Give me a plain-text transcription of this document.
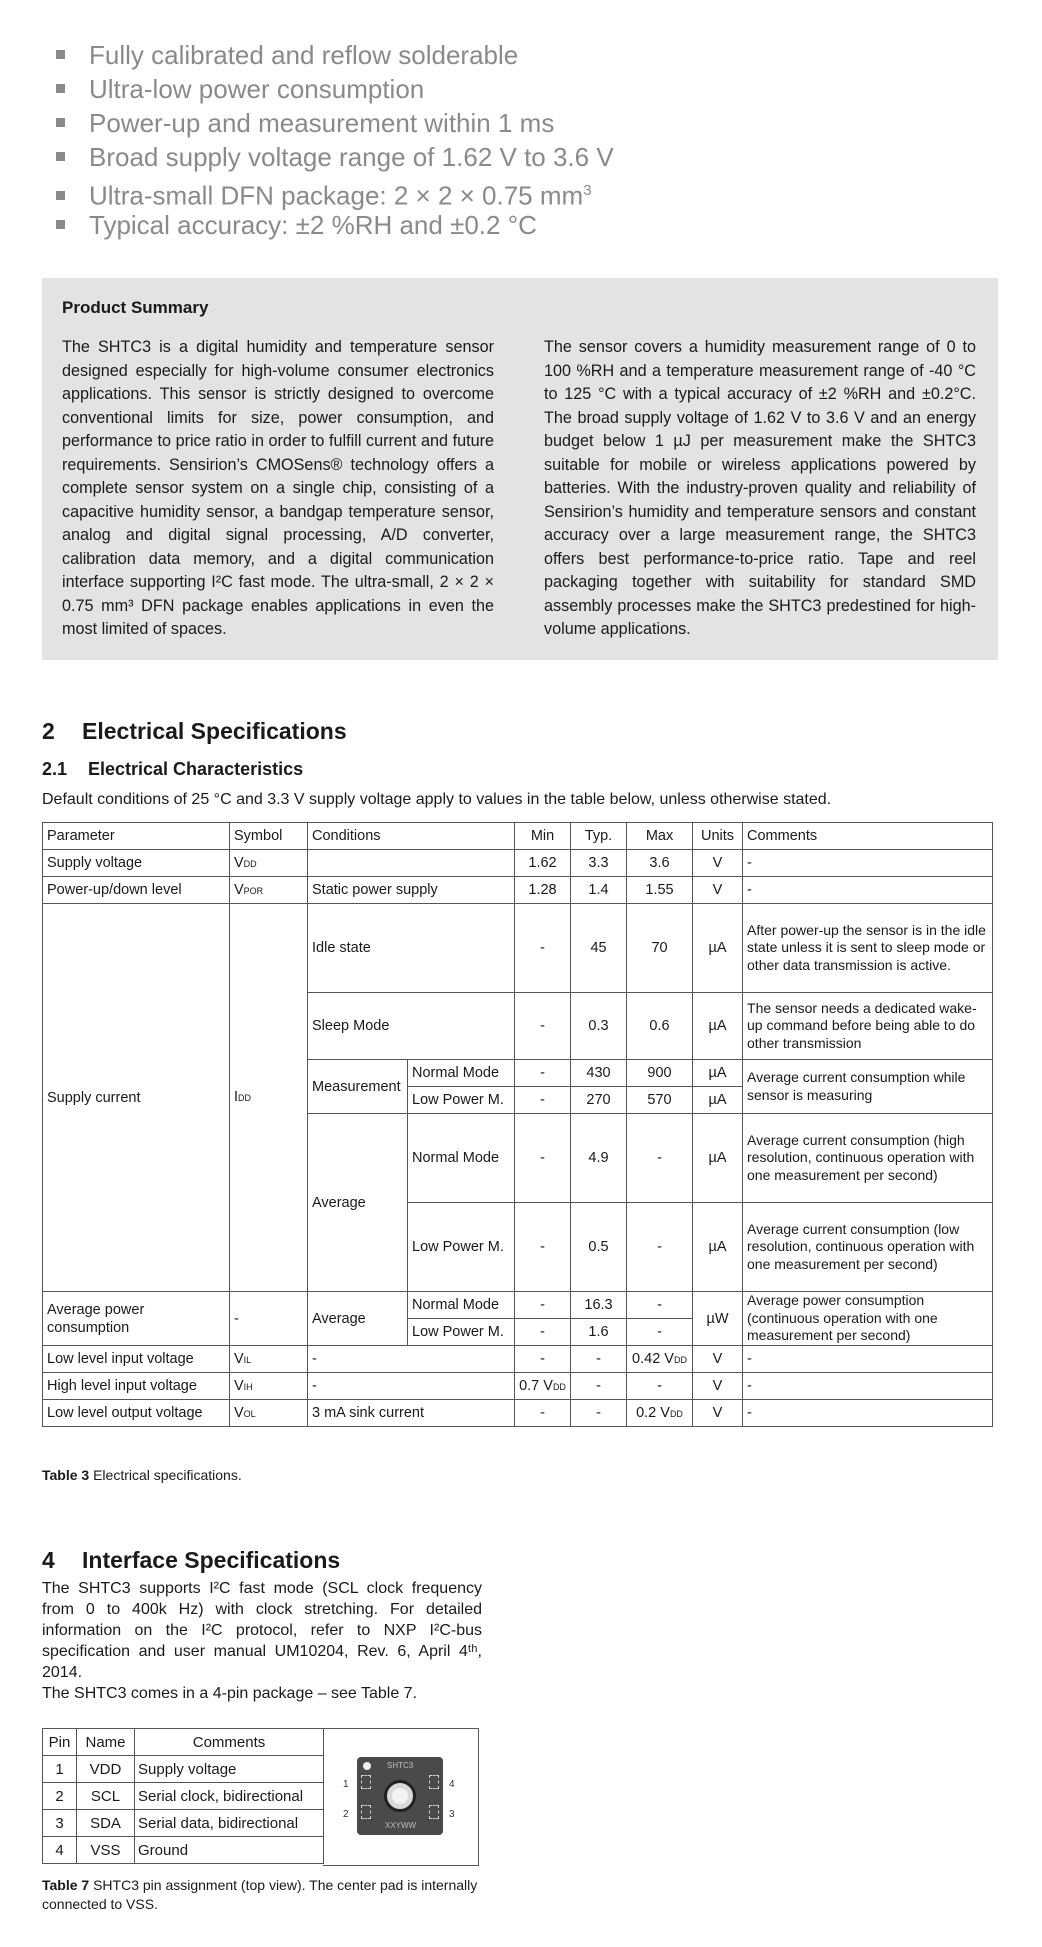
Fully calibrated and reflow solderable
Ultra-low power consumption
Power-up and measurement within 1 ms
Broad supply voltage range of 1.62 V to 3.6 V
Ultra-small DFN package: 2 × 2 × 0.75 $mm^3$
Typical accuracy: ±2 %RH and ±0.2 °C
Product Summary
The SHTC3 is a digital humidity and temperature sensor designed especially for high-volume consumer electronics applications. This sensor is strictly designed to overcome conventional limits for size, power consumption, and performance to price ratio in order to fulfill current and future requirements. Sensirion’s CMOSens® technology offers a complete sensor system on a single chip, consisting of a capacitive humidity sensor, a bandgap temperature sensor, analog and digital signal processing, A/D converter, calibration data memory, and a digital communication interface supporting I²C fast mode. The ultra-small, 2 × 2 × 0.75 mm³ DFN package enables applications in even the most limited of spaces.
The sensor covers a humidity measurement range of 0 to 100 %RH and a temperature measurement range of -40 °C to 125 °C with a typical accuracy of ±2 %RH and ±0.2°C. The broad supply voltage of 1.62 V to 3.6 V and an energy budget below 1 µJ per measurement make the SHTC3 suitable for mobile or wireless applications powered by batteries. With the industry-proven quality and reliability of Sensirion’s humidity and temperature sensors and constant accuracy over a large measurement range, the SHTC3 offers best performance-to-price ratio. Tape and reel packaging together with suitability for standard SMD assembly processes make the SHTC3 predestined for high-volume applications.
2 Electrical Specifications
2.1 Electrical Characteristics
Default conditions of 25 °C and 3.3 V supply voltage apply to values in the table below, unless otherwise stated.
Parameter	Symbol	Conditions		Min	Typ.	Max	Units	Comments
Supply voltage	VDD			1.62	3.3	3.6	V	-
Power-up/down level	VPOR	Static power supply		1.28	1.4	1.55	V	-
Supply current	IDD	Idle state		-	45	70	µA	After power-up the sensor is in the idle state unless it is sent to sleep mode or other data transmission is active.
		Sleep Mode		-	0.3	0.6	µA	The sensor needs a dedicated wake-up command before being able to do other transmission
		Measurement	Normal Mode	-	430	900	µA	Average current consumption while sensor is measuring
			Low Power M.	-	270	570	µA	
		Average	Normal Mode	-	4.9	-	µA	Average current consumption (high resolution, continuous operation with one measurement per second)
			Low Power M.	-	0.5	-	µA	Average current consumption (low resolution, continuous operation with one measurement per second)
Average power consumption	-	Average	Normal Mode	-	16.3	-	µW	Average power consumption (continuous operation with one measurement per second)
			Low Power M.	-	1.6	-		
Low level input voltage	VIL	-		-	-	0.42 VDD	V	-
High level input voltage	VIH	-		0.7 VDD	-	-	V	-
Low level output voltage	VOL	3 mA sink current		-	-	0.2 VDD	V	-
Table 3 Electrical specifications.
4 Interface Specifications
The SHTC3 supports I²C fast mode (SCL clock frequency from 0 to 400k Hz) with clock stretching. For detailed information on the I²C protocol, refer to NXP I²C-bus specification and user manual UM10204, Rev. 6, April 4ᵗʰ, 2014.
The SHTC3 comes in a 4-pin package – see Table 7.
Pin	Name	Comments
1	VDD	Supply voltage
2	SCL	Serial clock, bidirectional
3	SDA	Serial data, bidirectional
4	VSS	Ground
SHTC3
XXYWW
1
2	3
4
Table 7 SHTC3 pin assignment (top view). The center pad is internally connected to VSS.
